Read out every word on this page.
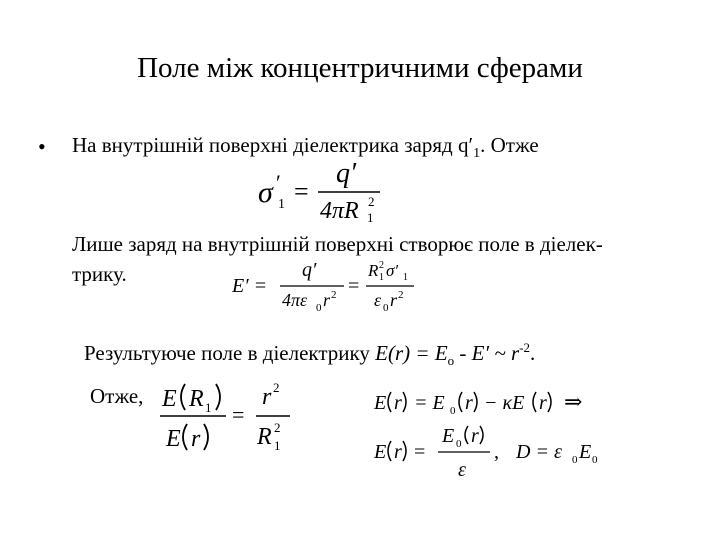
Поле між концентричними сферами
• На внутрішній поверхні діелектрика заряд $q'_1$. Отже
σ ′
1 =
q′
4πR 2
1
Лише заряд на внутрішній поверхні створює поле в діелек-
трику.	E′ =
q′
4πε 0 r 2 =
R 2
1 σ′ 1
ε 0 r 2
Результуюче поле в діелектрику $E(r) = E_o - E'$ ~ $r^{-2}$.
Отже, E R 1
E r
=
r 2
R 2
1
E r = E 0 r − κE r ⇒
E r =
E 0 r
ε
, D = ε 0 E 0
